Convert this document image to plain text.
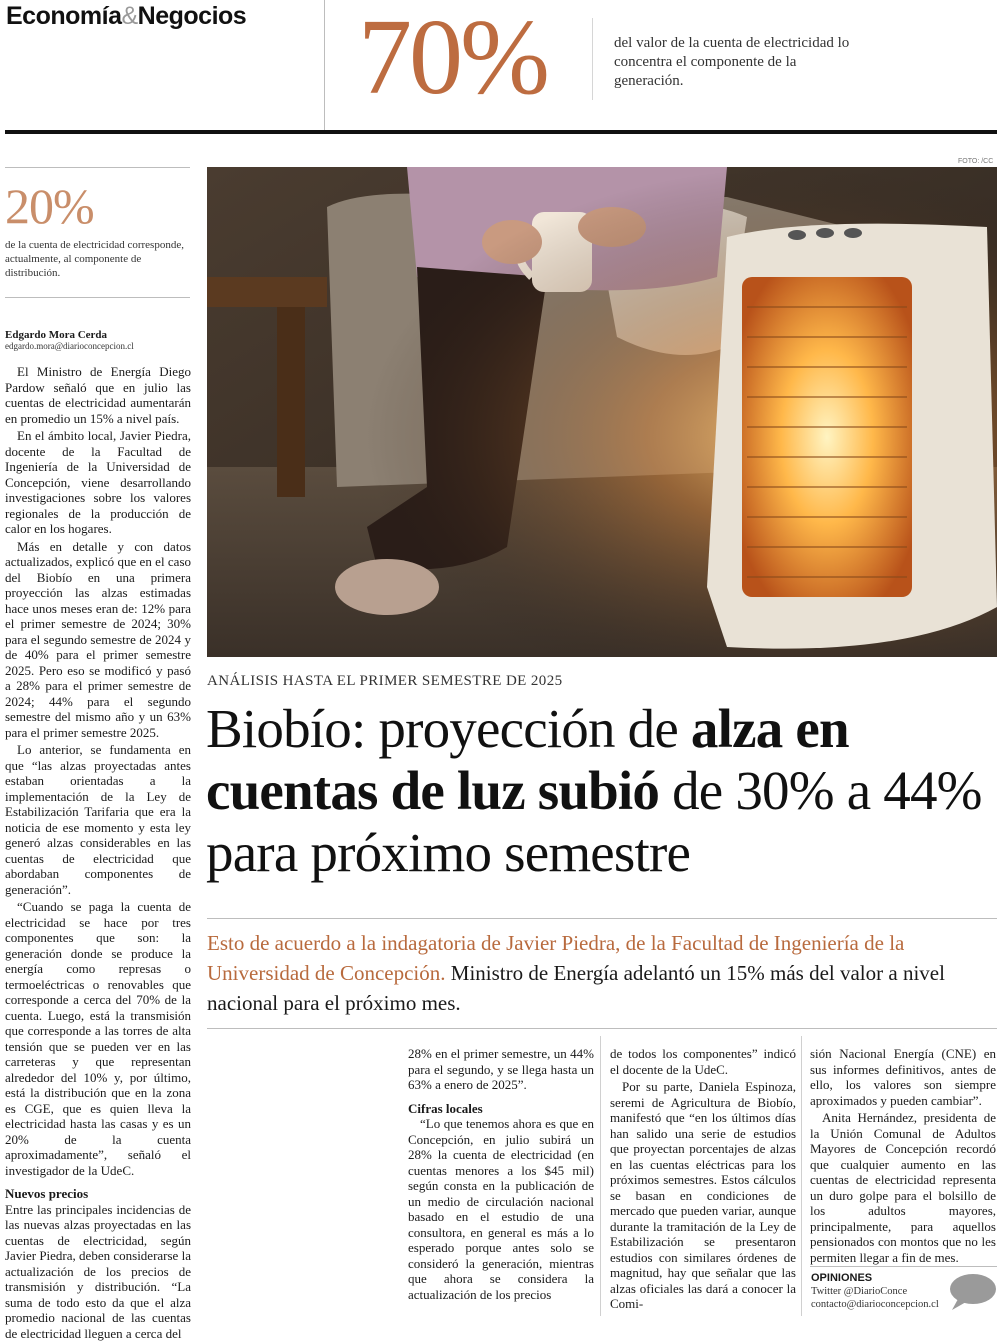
Economía&Negocios 70%	del valor de la cuenta de electricidad lo concentra el componente de la generación.
20%
de la cuenta de electricidad corresponde, actualmente, al componente de distribución.
Edgardo Mora Cerda
edgardo.mora@diarioconcepcion.cl

El Ministro de Energía Diego Pardow señaló que en julio las cuentas de electricidad aumentarán en promedio un 15% a nivel país.

En el ámbito local, Javier Piedra, docente de la Facultad de Ingeniería de la Universidad de Concepción, viene desarrollando investigaciones sobre los valores regionales de la producción de calor en los hogares.

Más en detalle y con datos actualizados, explicó que en el caso del Biobío en una primera proyección las alzas estimadas hace unos meses eran de: 12% para el primer semestre de 2024; 30% para el segundo semestre de 2024 y de 40% para el primer semestre 2025. Pero eso se modificó y pasó a 28% para el primer semestre de 2024; 44% para el segundo semestre del mismo año y un 63% para el primer semestre 2025.

Lo anterior, se fundamenta en que “las alzas proyectadas antes estaban orientadas a la implementación de la Ley de Estabilización Tarifaria que era la noticia de ese momento y esta ley generó alzas considerables en las cuentas de electricidad que abordaban componentes de generación”.

“Cuando se paga la cuenta de electricidad se hace por tres componentes que son: la generación donde se produce la energía como represas o termoeléctricas o renovables que corresponde a cerca del 70% de la cuenta. Luego, está la transmisión que corresponde a las torres de alta tensión que se pueden ver en las carreteras y que representan alrededor del 10% y, por último, está la distribución que en la zona es CGE, que es quien lleva la electricidad hasta las casas y es un 20% de la cuenta aproximadamente”, señaló el investigador de la UdeC.

Nuevos precios

Entre las principales incidencias de las nuevas alzas proyectadas en las cuentas de electricidad, según Javier Piedra, deben considerarse la actualización de los precios de transmisión y distribución. “La suma de todo esto da que el alza promedio nacional de las cuentas de electricidad lleguen a cerca del

FOTO: /CC
ANÁLISIS HASTA EL PRIMER SEMESTRE DE 2025
Biobío: proyección de alza en cuentas de luz subió de 30% a 44% para próximo semestre
Esto de acuerdo a la indagatoria de Javier Piedra, de la Facultad de Ingeniería de la Universidad de Concepción. Ministro de Energía adelantó un 15% más del valor a nivel nacional para el próximo mes.

28% en el primer semestre, un 44% para el segundo, y se llega hasta un 63% a enero de 2025”.

Cifras locales

“Lo que tenemos ahora es que en Concepción, en julio subirá un 28% la cuenta de electricidad (en cuentas menores a los $45 mil) según consta en la publicación de un medio de circulación nacional basado en el estudio de una consultora, en general es más a lo esperado porque antes solo se consideró la generación, mientras que ahora se considera la actualización de los precios

de todos los componentes” indicó el docente de la UdeC.

Por su parte, Daniela Espinoza, seremi de Agricultura de Biobío, manifestó que “en los últimos días han salido una serie de estudios que proyectan porcentajes de alzas en las cuentas eléctricas para los próximos semestres. Estos cálculos se basan en condiciones de mercado que pueden variar, aunque durante la tramitación de la Ley de Estabilización se presentaron estudios con similares órdenes de magnitud, hay que señalar que las alzas oficiales las dará a conocer la Comi-

sión Nacional Energía (CNE) en sus informes definitivos, antes de ello, los valores son siempre aproximados y pueden cambiar”.

Anita Hernández, presidenta de la Unión Comunal de Adultos Mayores de Concepción recordó que cualquier aumento en las cuentas de electricidad representa un duro golpe para el bolsillo de los adultos mayores, principalmente, para aquellos pensionados con montos que no les permiten llegar a fin de mes.

OPINIONES
Twitter @DiarioConce
contacto@diarioconcepcion.cl
